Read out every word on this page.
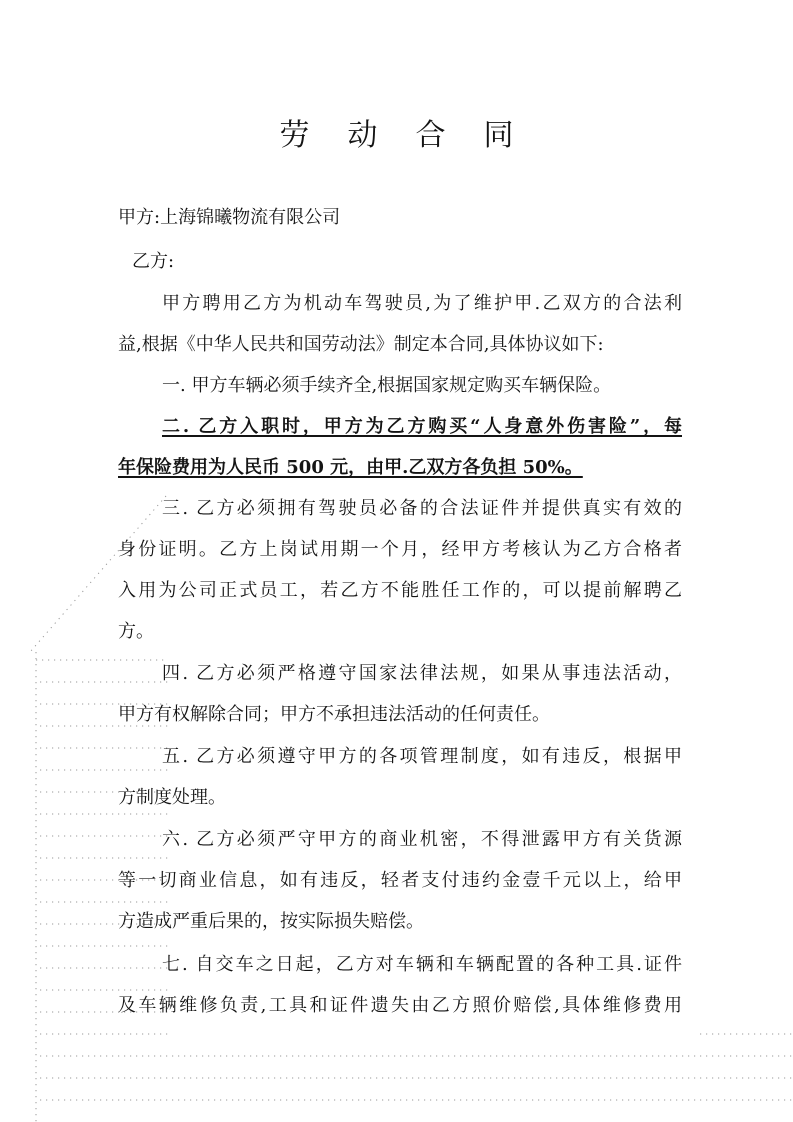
劳 动 合 同
甲方:上海锦曦物流有限公司
乙方:
甲方聘用乙方为机动车驾驶员,为了维护甲.乙双方的合法利
益,根据《中华人民共和国劳动法》制定本合同,具体协议如下:
一. 甲方车辆必须手续齐全,根据国家规定购买车辆保险。
二. 乙方入职时，甲方为乙方购买“人身意外伤害险”，每
年保险费用为人民币 500 元，由甲.乙双方各负担 50%。
三. 乙方必须拥有驾驶员必备的合法证件并提供真实有效的
身份证明。乙方上岗试用期一个月，经甲方考核认为乙方合格者
入用为公司正式员工，若乙方不能胜任工作的，可以提前解聘乙
方。
四. 乙方必须严格遵守国家法律法规，如果从事违法活动，
甲方有权解除合同；甲方不承担违法活动的任何责任。
五. 乙方必须遵守甲方的各项管理制度，如有违反，根据甲
方制度处理。
六. 乙方必须严守甲方的商业机密，不得泄露甲方有关货源
等一切商业信息，如有违反，轻者支付违约金壹千元以上，给甲
方造成严重后果的，按实际损失赔偿。
七. 自交车之日起，乙方对车辆和车辆配置的各种工具.证件
及车辆维修负责,工具和证件遗失由乙方照价赔偿,具体维修费用
